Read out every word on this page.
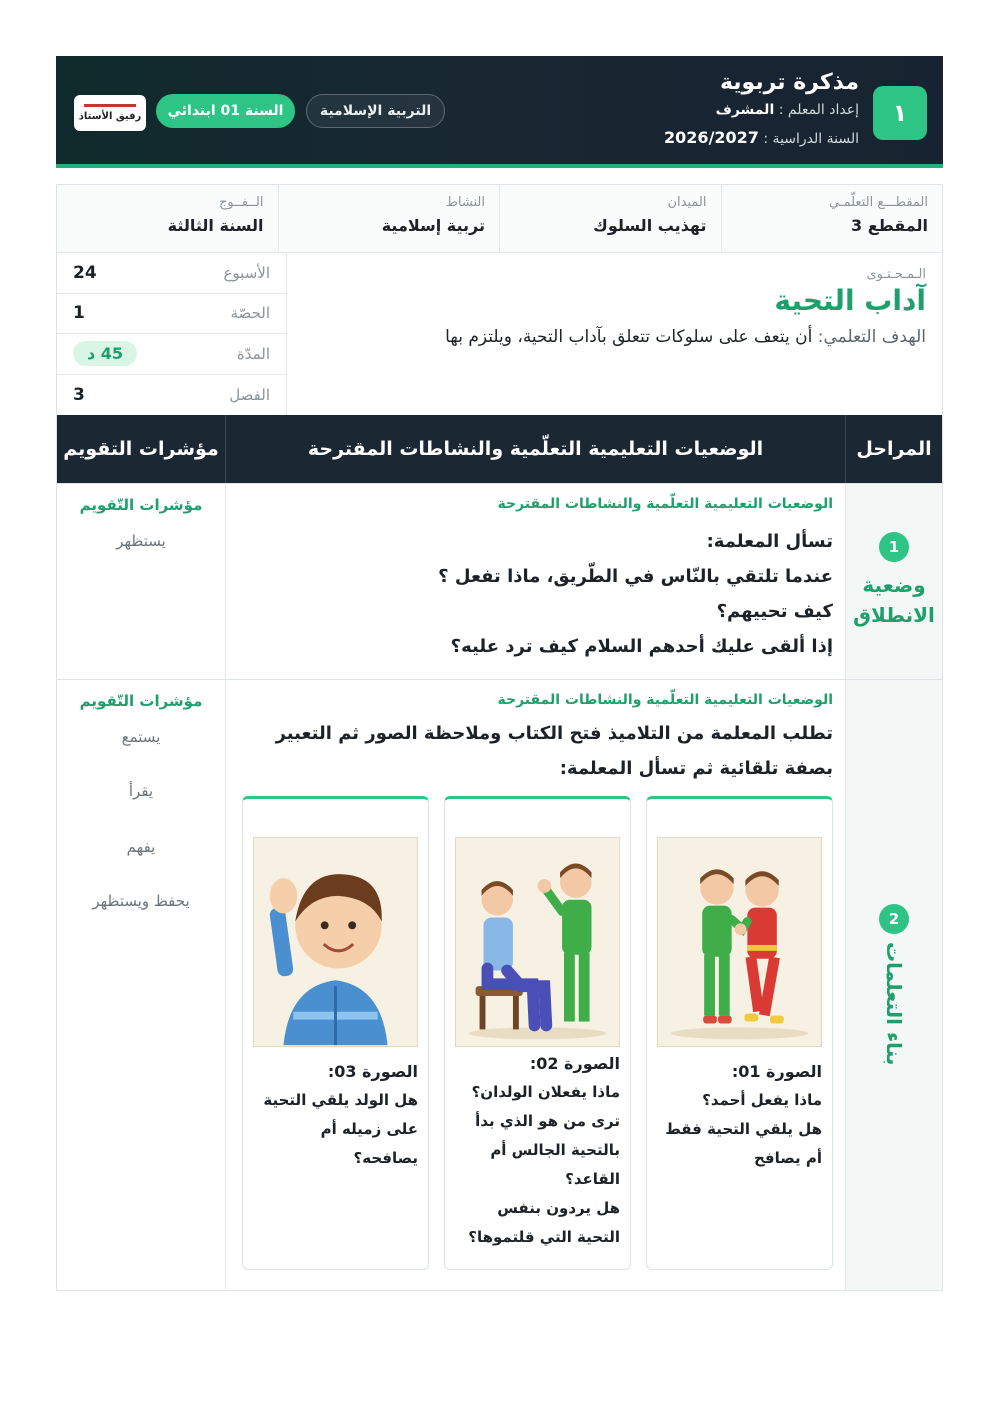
١
مذكرة تربوية
إعداد المعلم : المشرف
السنة الدراسية : 2026/2027
التربية الإسلامية
السنة 01 ابتدائي
رفيق الأستاذ
المقطـــع التعلّمـي
المقطع 3
الميدان
تهذيب السلوك
النشاط
تربية إسلامية
الــفــوج
السنة الثالثة
الـمـحـتـوى
آداب التحية
الهدف التعلمي: أن يتعف على سلوكات تتعلق بآداب التحية، ويلتزم بها
الأسبوع
24
الحصّة
1
المدّة
45 د
الفصل
3
المراحل
الوضعيات التعليمية التعلّمية والنشاطات المقترحة
مؤشرات التقويم
1
وضعية
الانطلاق
الوضعيات التعليمية التعلّمية والنشاطات المقترحة
تسأل المعلمة:
عندما تلتقي بالنّاس في الطّريق، ماذا تفعل ؟
كيف تحييهم؟
إذا ألقى عليك أحدهم السلام كيف ترد عليه؟
مؤشرات التّقويم
يستظهر
2
بناء التعلمات
الوضعيات التعليمية التعلّمية والنشاطات المقترحة
تطلب المعلمة من التلاميذ فتح الكتاب وملاحظة الصور ثم التعبير بصفة تلقائية ثم تسأل المعلمة:
الصورة 01:
ماذا يفعل أحمد؟
هل يلقي التحية فقط أم يصافح
الصورة 02:
ماذا يفعلان الولدان؟
ترى من هو الذي بدأ بالتحية الجالس أم القاعد؟
هل يردون بنفس التحية التي قلتموها؟
الصورة 03:
هل الولد يلقي التحية على زميله أم يصافحه؟
مؤشرات التّقويم
يستمع
يقرأ
يفهم
يحفظ ويستظهر
